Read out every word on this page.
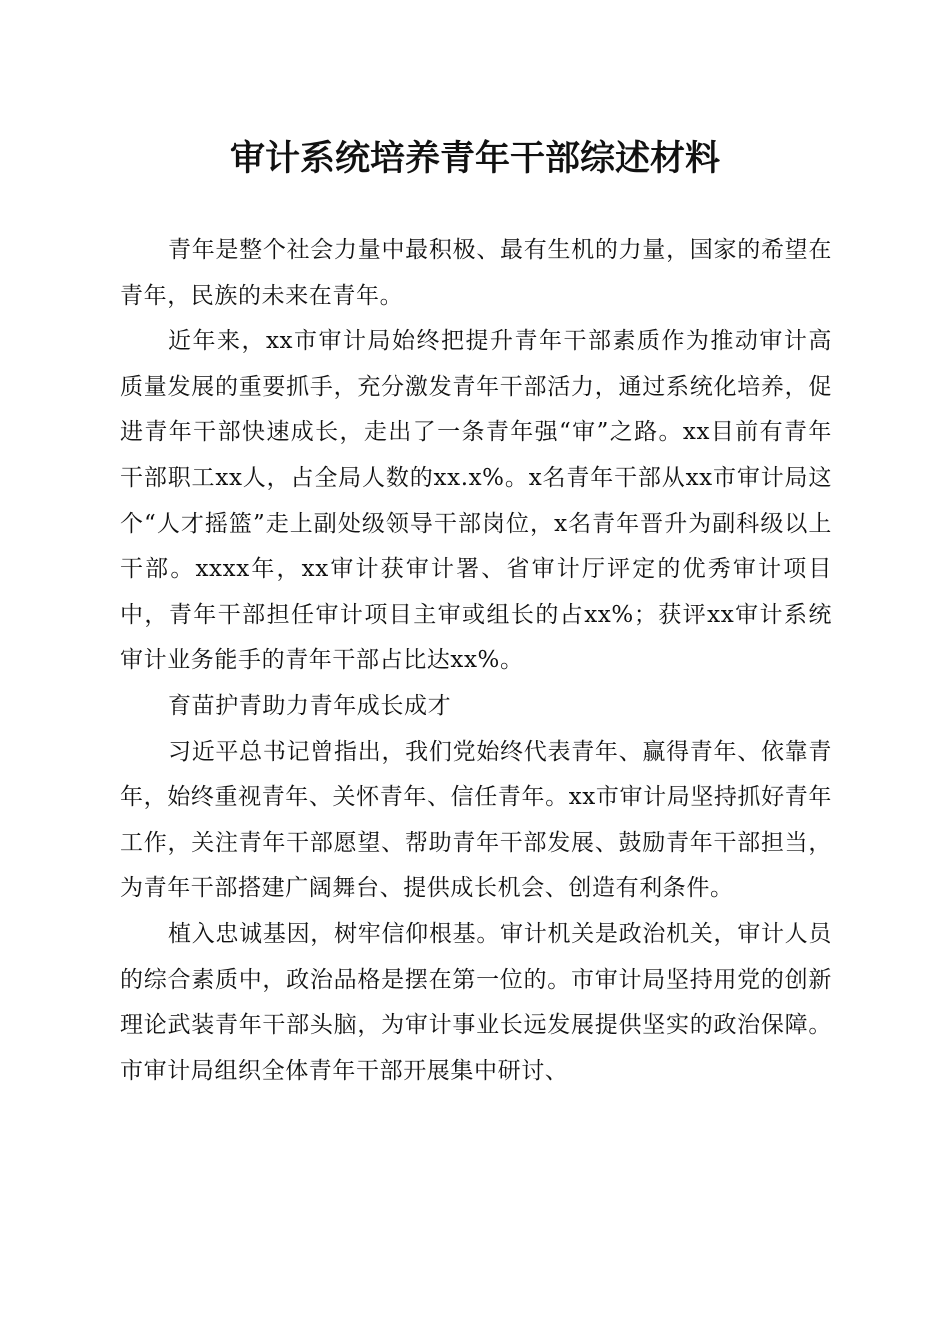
审计系统培养青年干部综述材料

青年是整个社会力量中最积极、最有生机的力量，国家的希望在青年，民族的未来在青年。

近年来，xx市审计局始终把提升青年干部素质作为推动审计高质量发展的重要抓手，充分激发青年干部活力，通过系统化培养，促进青年干部快速成长，走出了一条青年强“审”之路。xx目前有青年干部职工xx人，占全局人数的xx.x%。x名青年干部从xx市审计局这个“人才摇篮”走上副处级领导干部岗位，x名青年晋升为副科级以上干部。xxxx年，xx审计获审计署、省审计厅评定的优秀审计项目中，青年干部担任审计项目主审或组长的占xx%；获评xx审计系统审计业务能手的青年干部占比达xx%。

育苗护青助力青年成长成才

习近平总书记曾指出，我们党始终代表青年、赢得青年、依靠青年，始终重视青年、关怀青年、信任青年。xx市审计局坚持抓好青年工作，关注青年干部愿望、帮助青年干部发展、鼓励青年干部担当，为青年干部搭建广阔舞台、提供成长机会、创造有利条件。

植入忠诚基因，树牢信仰根基。审计机关是政治机关，审计人员的综合素质中，政治品格是摆在第一位的。市审计局坚持用党的创新理论武装青年干部头脑，为审计事业长远发展提供坚实的政治保障。市审计局组织全体青年干部开展集中研讨、
